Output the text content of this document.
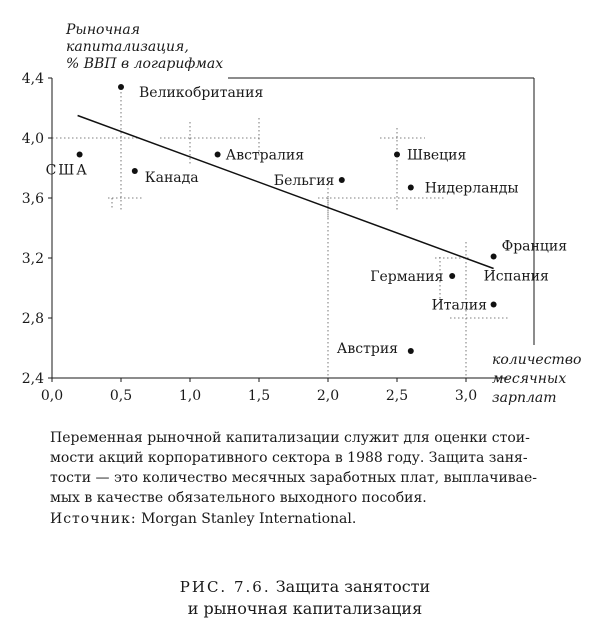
2,4
2,8
3,2
3,6
4,0
4,4
0,0	0,5	1,0	1,5	2,0	2,5	3,0
Великобритания
США	Канада
Австралия
Бельгия
Швеция
Нидерланды
Франция
Германия
Италия
Австрия
Испания
Рыночная
капитализация,
% ВВП в логарифмах
количество
месячных
зарплат
Переменная рыночной капитализации служит для оценки стои-
мости акций корпоративного сектора в 1988 году. Защита заня-
тости — это количество месячных заработных плат, выплачивае-
мых в качестве обязательного выходного пособия.
Источник: Morgan Stanley International.
РИС. 7.6. Защита занятости
и рыночная капитализация
